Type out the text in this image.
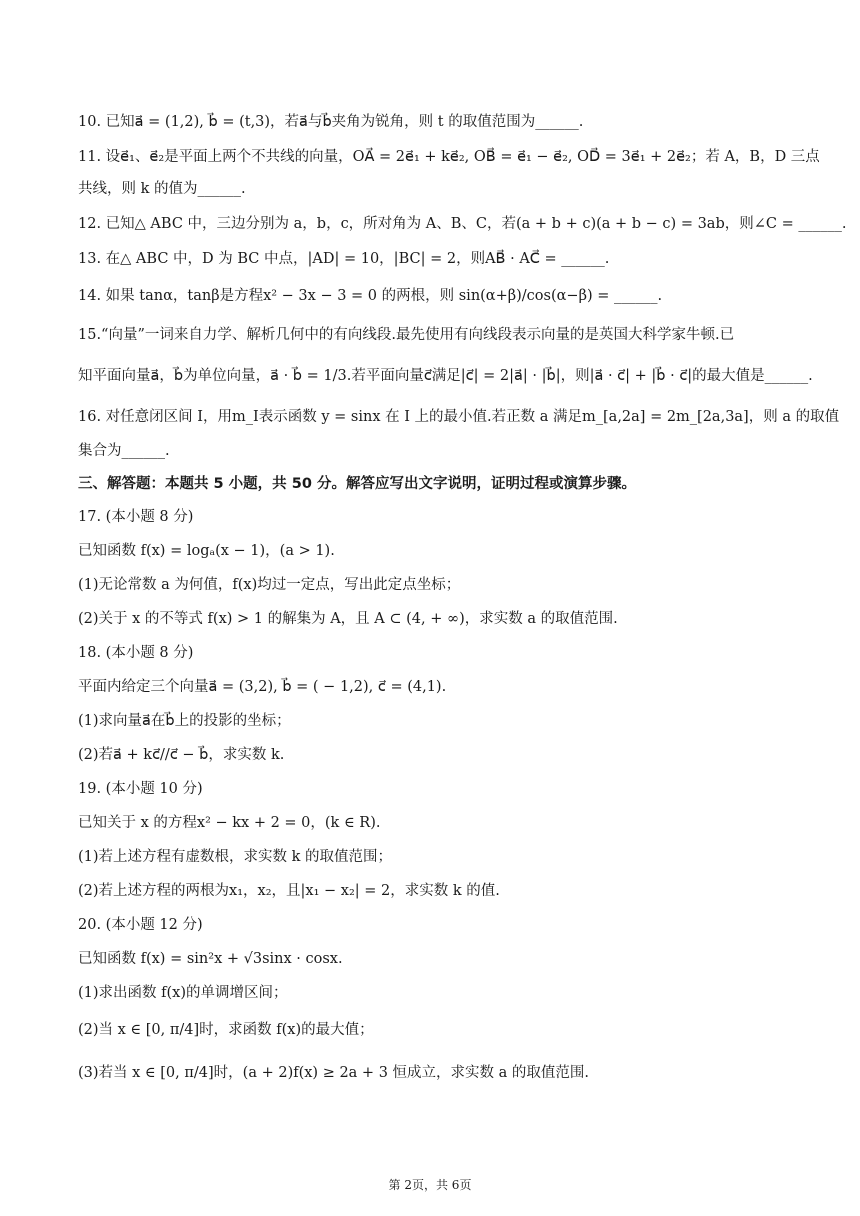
10. 已知a⃗ = (1,2), b⃗ = (t,3)，若a⃗与b⃗夹角为锐角，则 t 的取值范围为______.
11. 设e⃗₁、e⃗₂是平面上两个不共线的向量，OA⃗ = 2e⃗₁ + ke⃗₂, OB⃗ = e⃗₁ − e⃗₂, OD⃗ = 3e⃗₁ + 2e⃗₂；若 A，B，D 三点
共线，则 k 的值为______.
12. 已知△ ABC 中，三边分别为 a，b，c，所对角为 A、B、C，若(a + b + c)(a + b − c) = 3ab，则∠C = ______.
13. 在△ ABC 中，D 为 BC 中点，|AD| = 10，|BC| = 2，则AB⃗ · AC⃗ = ______.
14. 如果 tanα，tanβ是方程x² − 3x − 3 = 0 的两根，则 sin(α+β)/cos(α−β) = ______.
15.“向量”一词来自力学、解析几何中的有向线段.最先使用有向线段表示向量的是英国大科学家牛顿.已
知平面向量a⃗，b⃗为单位向量，a⃗ · b⃗ = 1/3.若平面向量c⃗满足|c⃗| = 2|a⃗| · |b⃗|，则|a⃗ · c⃗| + |b⃗ · c⃗|的最大值是______.
16. 对任意闭区间 I，用m_I表示函数 y = sinx 在 I 上的最小值.若正数 a 满足m_[a,2a] = 2m_[2a,3a]，则 a 的取值
集合为______.
三、解答题：本题共 5 小题，共 50 分。解答应写出文字说明，证明过程或演算步骤。
17. (本小题 8 分)
已知函数 f(x) = logₐ(x − 1)，(a > 1).
(1)无论常数 a 为何值，f(x)均过一定点，写出此定点坐标；
(2)关于 x 的不等式 f(x) > 1 的解集为 A，且 A ⊂ (4, + ∞)，求实数 a 的取值范围.
18. (本小题 8 分)
平面内给定三个向量a⃗ = (3,2), b⃗ = ( − 1,2), c⃗ = (4,1).
(1)求向量a⃗在b⃗上的投影的坐标；
(2)若a⃗ + kc⃗//c⃗ − b⃗，求实数 k.
19. (本小题 10 分)
已知关于 x 的方程x² − kx + 2 = 0，(k ∈ R).
(1)若上述方程有虚数根，求实数 k 的取值范围；
(2)若上述方程的两根为x₁，x₂，且|x₁ − x₂| = 2，求实数 k 的值.
20. (本小题 12 分)
已知函数 f(x) = sin²x + √3sinx · cosx.
(1)求出函数 f(x)的单调增区间；
(2)当 x ∈ [0, π/4]时，求函数 f(x)的最大值；
(3)若当 x ∈ [0, π/4]时，(a + 2)f(x) ≥ 2a + 3 恒成立，求实数 a 的取值范围.
第 2页，共 6页
